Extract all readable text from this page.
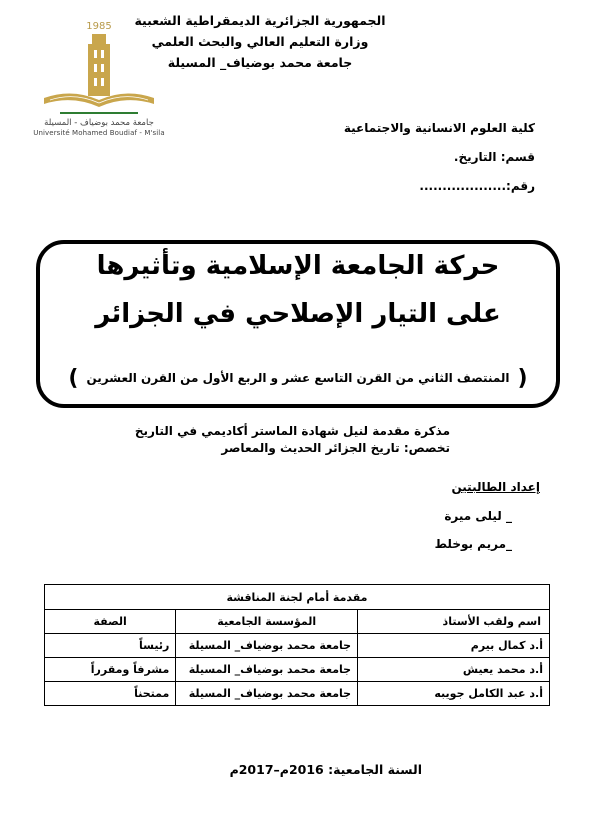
الجمهورية الجزائرية الديمقراطية الشعبية
وزارة التعليم العالي والبحث العلمي
جامعة محمد بوضياف_ المسيلة
1985
جامعة محمد بوضياف - المسيلة
Université Mohamed Boudiaf - M'sila	كلية العلوم الانسانية والاجتماعية
قسم: التاريخ.
رقم:...................
حركة الجامعة الإسلامية وتأثيرها
على التيار الإصلاحي في الجزائر
(المنتصف الثاني من القرن التاسع عشر و الربع الأول من القرن العشرين)
مذكرة مقدمة لنيل شهادة الماستر أكاديمي في التاريخ
تخصص: تاريخ الجزائر الحديث والمعاصر
إعداد الطالبتين
_ ليلى ميرة
_مريم بوخلط
مقدمة أمام لجنة المناقشة		
اسم ولقب الأستاذ	المؤسسة الجامعية	الصفة
أ.د كمال بيرم	جامعة محمد بوضياف_ المسيلة	رئيساً
أ.د محمد يعيش	جامعة محمد بوضياف_ المسيلة	مشرفاً ومقرراً
أ.د عبد الكامل جويبه	جامعة محمد بوضياف_ المسيلة	ممتحناً
السنة الجامعية: 2016م–2017م
